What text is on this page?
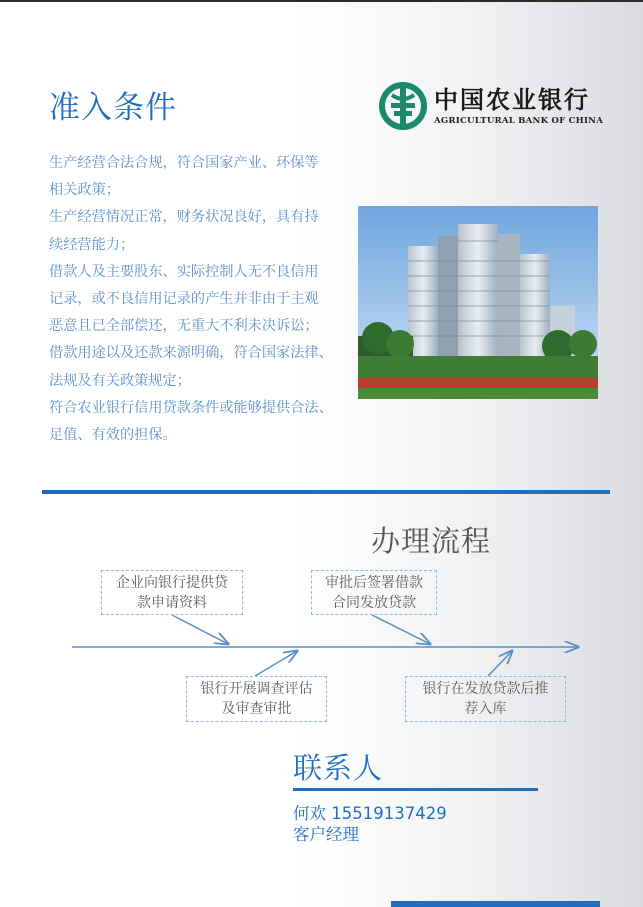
准入条件	中国农业银行
AGRICULTURAL BANK OF CHINA

生产经营合法合规，符合国家产业、环保等

相关政策；

生产经营情况正常，财务状况良好，具有持

续经营能力；

借款人及主要股东、实际控制人无不良信用

记录，或不良信用记录的产生并非由于主观

恶意且已全部偿还，无重大不利未决诉讼；

借款用途以及还款来源明确，符合国家法律、

法规及有关政策规定；

符合农业银行信用贷款条件或能够提供合法、

足值、有效的担保。

办理流程
企业向银行提供贷
款申请资料
银行开展调查评估
及审查审批
审批后签署借款
合同发放贷款
银行在发放贷款后推
荐入库
联系人
何欢 15519137429
客户经理
